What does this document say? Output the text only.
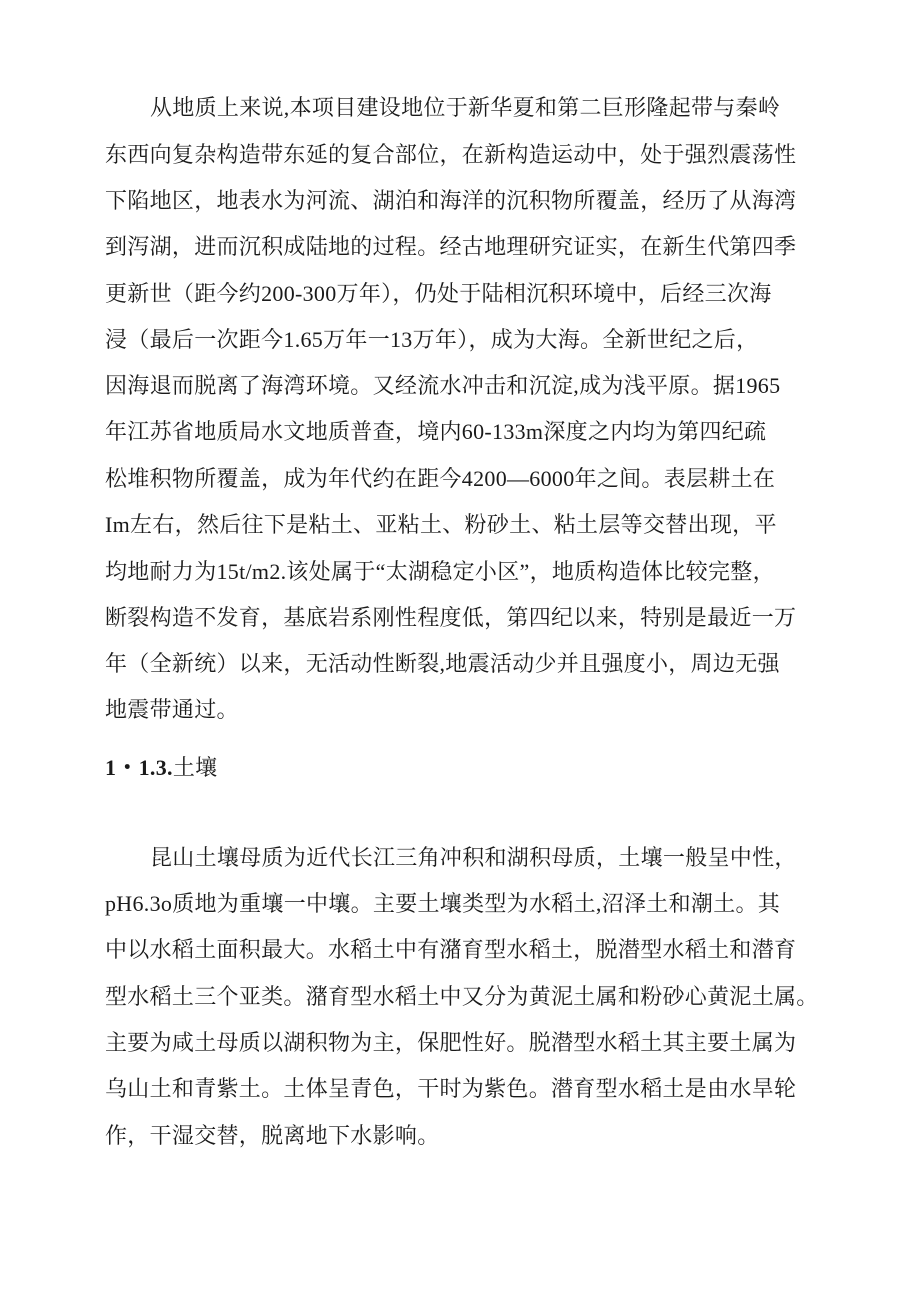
从地质上来说,本项目建设地位于新华夏和第二巨形隆起带与秦岭
东西向复杂构造带东延的复合部位，在新构造运动中，处于强烈震荡性
下陷地区，地表水为河流、湖泊和海洋的沉积物所覆盖，经历了从海湾
到泻湖，进而沉积成陆地的过程。经古地理研究证实，在新生代第四季
更新世（距今约200-300万年），仍处于陆相沉积环境中，后经三次海
浸（最后一次距今1.65万年一13万年），成为大海。全新世纪之后，
因海退而脱离了海湾环境。又经流水冲击和沉淀,成为浅平原。据1965
年江苏省地质局水文地质普查，境内60-133m深度之内均为第四纪疏
松堆积物所覆盖，成为年代约在距今4200—6000年之间。表层耕土在
Im左右，然后往下是粘土、亚粘土、粉砂土、粘土层等交替出现，平
均地耐力为15t/m2.该处属于“太湖稳定小区”，地质构造体比较完整，
断裂构造不发育，基底岩系刚性程度低，第四纪以来，特别是最近一万
年（全新统）以来，无活动性断裂,地震活动少并且强度小，周边无强
地震带通过。
1・1.3.土壤
昆山土壤母质为近代长江三角冲积和湖积母质，土壤一般呈中性，
pH6.3o质地为重壤一中壤。主要土壤类型为水稻土,沼泽土和潮土。其
中以水稻土面积最大。水稻土中有潴育型水稻土，脱潜型水稻土和潜育
型水稻土三个亚类。潴育型水稻土中又分为黄泥土属和粉砂心黄泥土属。
主要为咸土母质以湖积物为主，保肥性好。脱潜型水稻土其主要土属为
乌山土和青紫土。土体呈青色，干时为紫色。潜育型水稻土是由水旱轮
作，干湿交替，脱离地下水影响。
